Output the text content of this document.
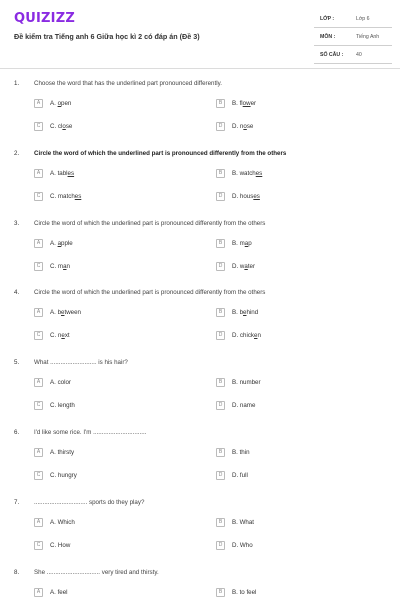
QUIZIZZ
Đề kiểm tra Tiếng anh 6 Giữa học kì 2 có đáp án (Đề 3)
LỚP :	Lớp 6
MÔN :	Tiếng Anh
SỐ CÂU : 40
1. Choose the word that has the underlined part pronounced differently.
A	A. open	B	B. flower
C	C. close	D	D. nose
2. Circle the word of which the underlined part is pronounced differently from the others
A	A. tables	B	B. watches
C	C. matches	D	D. houses
3. Circle the word of which the underlined part is pronounced differently from the others
A	A. apple	B	B. map
C	C. man	D	D. water
4. Circle the word of which the underlined part is pronounced differently from the others
A	A. between	B	B. behind
C	C. next	D	D. chicken
5. What ........................... is his hair?
A	A. color	B	B. number
C	C. length	D	D. name
6. I'd like some rice. I'm ...............................
A	A. thirsty	B	B. thin
C	C. hungry	D	D. full
7. ............................... sports do they play?
A	A. Which	B	B. What
C	C. How	D	D. Who
8. She ............................... very tired and thirsty.
A	A. feel	B	B. to feel
